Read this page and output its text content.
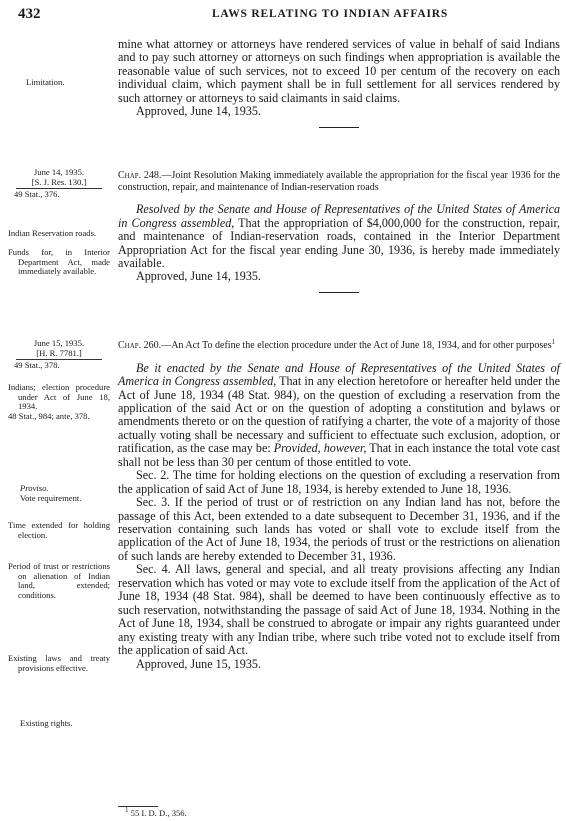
432	LAWS RELATING TO INDIAN AFFAIRS

mine what attorney or attorneys have rendered services of value in behalf of said Indians and to pay such attorney or attorneys on such findings when appropriation is available the reasonable value of such services, not to exceed 10 per centum of the recovery on each individual claim, which payment shall be in full settlement for all services rendered by such attorney or attorneys to said claimants in said claims.

Approved, June 14, 1935.

Limitation.

June 14, 1935.

[S. J. Res. 130.]

49 Stat., 376.

Chap. 248.—Joint Resolution Making immediately available the appropriation for the fiscal year 1936 for the construction, repair, and maintenance of Indian-reservation roads

Resolved by the Senate and House of Representatives of the United States of America in Congress assembled, That the appropriation of $4,000,000 for the construction, repair, and maintenance of Indian-reservation roads, contained in the Interior Department Appropriation Act for the fiscal year ending June 30, 1936, is hereby made immediately available.

Approved, June 14, 1935.

Indian Reservation roads.

Funds for, in Interior Department Act, made immediately available.

June 15, 1935.

[H. R. 7781.]

49 Stat., 378.

Chap. 260.—An Act To define the election procedure under the Act of June 18, 1934, and for other purposes$^1$

Be it enacted by the Senate and House of Representatives of the United States of America in Congress assembled, That in any election heretofore or hereafter held under the Act of June 18, 1934 (48 Stat. 984), on the question of excluding a reservation from the application of the said Act or on the question of adopting a constitution and bylaws or amendments thereto or on the question of ratifying a charter, the vote of a majority of those actually voting shall be necessary and sufficient to effectuate such exclusion, adoption, or ratification, as the case may be: Provided, however, That in each instance the total vote cast shall not be less than 30 per centum of those entitled to vote.

Sec. 2. The time for holding elections on the question of excluding a reservation from the application of said Act of June 18, 1934, is hereby extended to June 18, 1936.

Sec. 3. If the period of trust or of restriction on any Indian land has not, before the passage of this Act, been extended to a date subsequent to December 31, 1936, and if the reservation containing such lands has voted or shall vote to exclude itself from the application of the Act of June 18, 1934, the periods of trust or the restrictions on alienation of such lands are hereby extended to December 31, 1936.

Sec. 4. All laws, general and special, and all treaty provisions affecting any Indian reservation which has voted or may vote to exclude itself from the application of the Act of June 18, 1934 (48 Stat. 984), shall be deemed to have been continuously effective as to such reservation, notwithstanding the passage of said Act of June 18, 1934. Nothing in the Act of June 18, 1934, shall be construed to abrogate or impair any rights guaranteed under any existing treaty with any Indian tribe, where such tribe voted not to exclude itself from the application of said Act.

Approved, June 15, 1935.

Indians; election procedure under Act of June 18, 1934.

48 Stat., 984; ante, 378.

Proviso.

Vote requirement.

Time extended for holding election.

Period of trust or restrictions on alienation of Indian land, extended; conditions.

Existing laws and treaty provisions effective.

Existing rights.

$^1$ 55 I. D. D., 356.
